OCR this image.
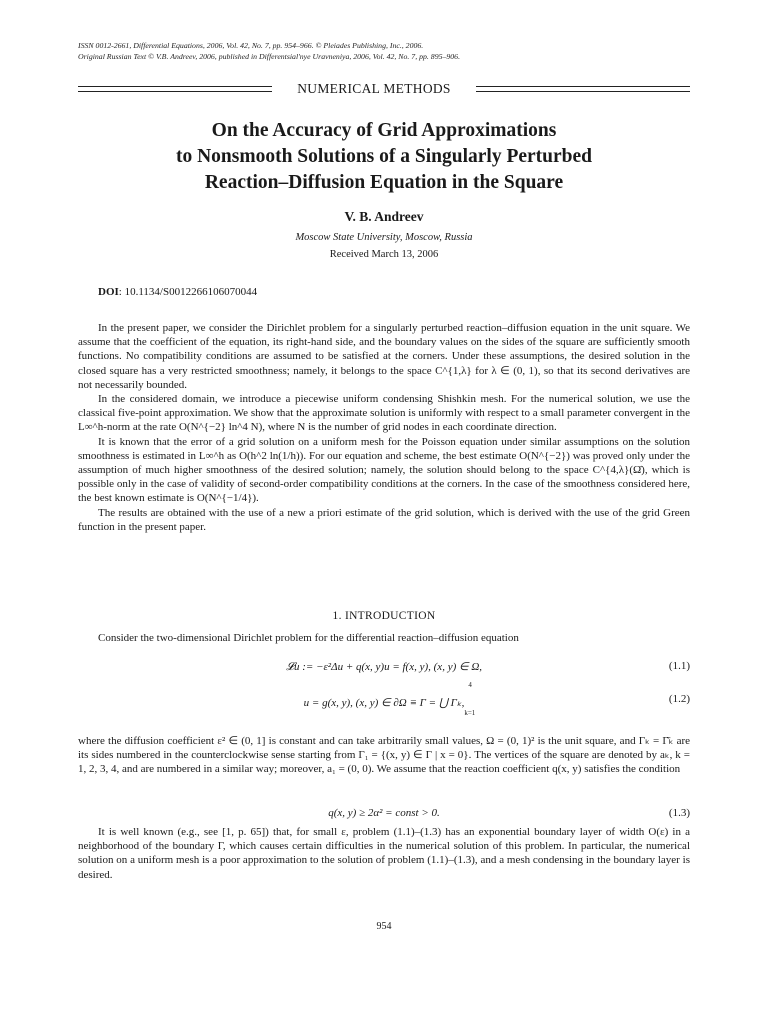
ISSN 0012-2661, Differential Equations, 2006, Vol. 42, No. 7, pp. 954–966. © Pleiades Publishing, Inc., 2006.
Original Russian Text © V.B. Andreev, 2006, published in Differentsial'nye Uravneniya, 2006, Vol. 42, No. 7, pp. 895–906.
NUMERICAL METHODS
On the Accuracy of Grid Approximations
to Nonsmooth Solutions of a Singularly Perturbed
Reaction–Diffusion Equation in the Square
V. B. Andreev
Moscow State University, Moscow, Russia
Received March 13, 2006
DOI: 10.1134/S0012266106070044

In the present paper, we consider the Dirichlet problem for a singularly perturbed reaction–diffusion equation in the unit square. We assume that the coefficient of the equation, its right-hand side, and the boundary values on the sides of the square are sufficiently smooth functions. No compatibility conditions are assumed to be satisfied at the corners. Under these assumptions, the desired solution in the closed square has a very restricted smoothness; namely, it belongs to the space C^{1,λ} for λ ∈ (0, 1), so that its second derivatives are not necessarily bounded.

In the considered domain, we introduce a piecewise uniform condensing Shishkin mesh. For the numerical solution, we use the classical five-point approximation. We show that the approximate solution is uniformly with respect to a small parameter convergent in the L∞^h-norm at the rate O(N^{−2} ln^4 N), where N is the number of grid nodes in each coordinate direction.

It is known that the error of a grid solution on a uniform mesh for the Poisson equation under similar assumptions on the solution smoothness is estimated in L∞^h as O(h^2 ln(1/h)). For our equation and scheme, the best estimate O(N^{−2}) was proved only under the assumption of much higher smoothness of the desired solution; namely, the solution should belong to the space C^{4,λ}(Ω̄), which is possible only in the case of validity of second-order compatibility conditions at the corners. In the case of the smoothness considered here, the best known estimate is O(N^{−1/4}).

The results are obtained with the use of a new a priori estimate of the grid solution, which is derived with the use of the grid Green function in the present paper.

1. INTRODUCTION

Consider the two-dimensional Dirichlet problem for the differential reaction–diffusion equation

𝓛u := −ε²Δu + q(x, y)u = f(x, y), (x, y) ∈ Ω,	(1.1)
u = g(x, y), (x, y) ∈ ∂Ω ≡ Γ = ⋃ Γₖ,
4
k=1
(1.2)
where the diffusion coefficient ε² ∈ (0, 1] is constant and can take arbitrarily small values, Ω = (0, 1)² is the unit square, and Γₖ = Γ̄ₖ are its sides numbered in the counterclockwise sense starting from Γ₁ = {(x, y) ∈ Γ | x = 0}. The vertices of the square are denoted by aₖ, k = 1, 2, 3, 4, and are numbered in a similar way; moreover, a₁ = (0, 0). We assume that the reaction coefficient q(x, y) satisfies the condition
q(x, y) ≥ 2α² = const > 0.	(1.3)

It is well known (e.g., see [1, p. 65]) that, for small ε, problem (1.1)–(1.3) has an exponential boundary layer of width O(ε) in a neighborhood of the boundary Γ, which causes certain difficulties in the numerical solution of this problem. In particular, the numerical solution on a uniform mesh is a poor approximation to the solution of problem (1.1)–(1.3), and a mesh condensing in the boundary layer is desired.

954
